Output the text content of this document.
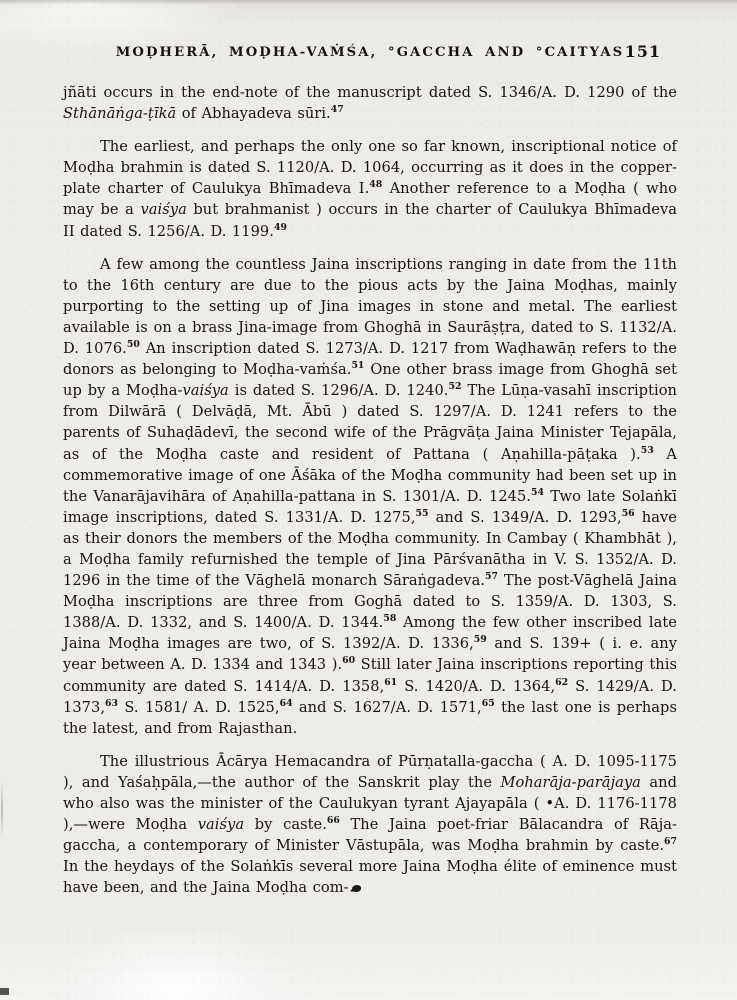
MOḌHERĀ, MOḌHA-VAṀŚA, °GACCHA AND °CAITYAS 151

jñāti occurs in the end-note of the manuscript dated S. 1346/A. D. 1290 of the Sthānāṅga-ṭīkā of Abhayadeva sūri.$^{47}$

The earliest, and perhaps the only one so far known, inscriptional notice of Moḍha brahmin is dated S. 1120/A. D. 1064, occurring as it does in the copper-plate charter of Caulukya Bhīmadeva I.$^{48}$ Another reference to a Moḍha ( who may be a vaiśya but brahmanist ) occurs in the charter of Caulukya Bhīmadeva II dated S. 1256/A. D. 1199.49

A few among the countless Jaina inscriptions ranging in date from the 11th to the 16th century are due to the pious acts by the Jaina Moḍhas, mainly purporting to the setting up of Jina images in stone and metal. The earliest available is on a brass Jina-image from Ghoghā in Saurāṣṭra, dated to S. 1132/A. D. 1076.50 An inscription dated S. 1273/A. D. 1217 from Waḍhawāṇ refers to the donors as belonging to Moḍha-vaṁśa.$^{51}$ One other brass image from Ghoghā set up by a Moḍha-vaiśya is dated S. 1296/A. D. 1240.52 The Lūṇa-vasahī inscription from Dilwārā ( Delvāḍā, Mt. Ābū ) dated S. 1297/A. D. 1241 refers to the parents of Suhaḍādevī, the second wife of the Prāgvāṭa Jaina Minister Tejapāla, as of the Moḍha caste and resident of Pattana ( Aṇahilla-pāṭaka ).$^{53}$ A commemorative image of one Āśāka of the Moḍha community had been set up in the Vanarājavihāra of Aṇahilla-pattana in S. 1301/A. D. 1245.54 Two late Solaṅkī image inscriptions, dated S. 1331/A. D. 1275,55 and S. 1349/A. D. 1293,56 have as their donors the members of the Moḍha community. In Cambay ( Khambhāt ), a Moḍha family refurnished the temple of Jina Pārśvanātha in V. S. 1352/A. D. 1296 in the time of the Vāghelā monarch Sāraṅgadeva.$^{57}$ The post-Vāghelā Jaina Moḍha inscriptions are three from Goghā dated to S. 1359/A. D. 1303, S. 1388/A. D. 1332, and S. 1400/A. D. 1344.58 Among the few other inscribed late Jaina Moḍha images are two, of S. 1392/A. D. 1336,59 and S. 139+ ( i. e. any year between A. D. 1334 and 1343 ).$^{60}$ Still later Jaina inscriptions reporting this community are dated S. 1414/A. D. 1358,61 S. 1420/A. D. 1364,62 S. 1429/A. D. 1373,63 S. 1581/ A. D. 1525,64 and S. 1627/A. D. 1571,65 the last one is perhaps the latest, and from Rajasthan.

The illustrious Ācārya Hemacandra of Pūrṇatalla-gaccha ( A. D. 1095-1175 ), and Yaśaḥpāla,—the author of the Sanskrit play the Moharāja-parājaya and who also was the minister of the Caulukyan tyrant Ajayapāla ( •A. D. 1176-1178 ),—were Moḍha vaiśya by caste.$^{66}$ The Jaina poet-friar Bālacandra of Rāja-gaccha, a contemporary of Minister Vāstupāla, was Moḍha brahmin by caste.$^{67}$ In the heydays of the Solaṅkīs several more Jaina Moḍha élite of eminence must have been, and the Jaina Moḍha com-
